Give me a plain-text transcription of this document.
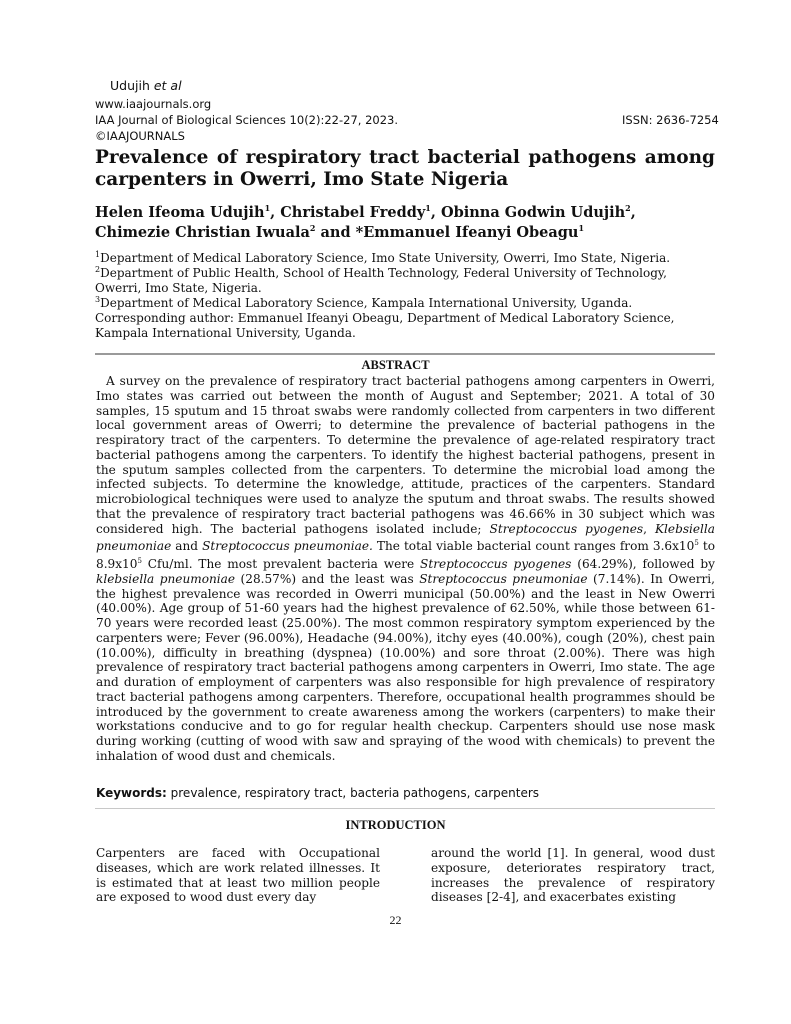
Udujih et al
www.iaajournals.org
IAA Journal of Biological Sciences 10(2):22-27, 2023.	ISSN: 2636-7254
©IAAJOURNALS
Prevalence of respiratory tract bacterial pathogens among carpenters in Owerri, Imo State Nigeria
Helen Ifeoma Udujih$^1$, Christabel Freddy$^1$, Obinna Godwin Udujih$^2$, Chimezie Christian Iwuala$^2$ and *Emmanuel Ifeanyi Obeagu$^1$
$^1$Department of Medical Laboratory Science, Imo State University, Owerri, Imo State, Nigeria.
$^2$Department of Public Health, School of Health Technology, Federal University of Technology, Owerri, Imo State, Nigeria.
$^3$Department of Medical Laboratory Science, Kampala International University, Uganda.
Corresponding author: Emmanuel Ifeanyi Obeagu, Department of Medical Laboratory Science, Kampala International University, Uganda.
ABSTRACT

A survey on the prevalence of respiratory tract bacterial pathogens among carpenters in Owerri, Imo states was carried out between the month of August and September; 2021. A total of 30 samples, 15 sputum and 15 throat swabs were randomly collected from carpenters in two different local government areas of Owerri; to determine the prevalence of bacterial pathogens in the respiratory tract of the carpenters. To determine the prevalence of age-related respiratory tract bacterial pathogens among the carpenters. To identify the highest bacterial pathogens, present in the sputum samples collected from the carpenters. To determine the microbial load among the infected subjects. To determine the knowledge, attitude, practices of the carpenters. Standard microbiological techniques were used to analyze the sputum and throat swabs. The results showed that the prevalence of respiratory tract bacterial pathogens was 46.66% in 30 subject which was considered high. The bacterial pathogens isolated include; Streptococcus pyogenes, Klebsiella pneumoniae and Streptococcus pneumoniae. The total viable bacterial count ranges from $3.6x10^5$ to $8.9x10^5$ Cfu/ml. The most prevalent bacteria were Streptococcus pyogenes (64.29%), followed by klebsiella pneumoniae (28.57%) and the least was Streptococcus pneumoniae (7.14%). In Owerri, the highest prevalence was recorded in Owerri municipal (50.00%) and the least in New Owerri (40.00%). Age group of 51-60 years had the highest prevalence of 62.50%, while those between 61-70 years were recorded least (25.00%). The most common respiratory symptom experienced by the carpenters were; Fever (96.00%), Headache (94.00%), itchy eyes (40.00%), cough (20%), chest pain (10.00%), difficulty in breathing (dyspnea) (10.00%) and sore throat (2.00%). There was high prevalence of respiratory tract bacterial pathogens among carpenters in Owerri, Imo state. The age and duration of employment of carpenters was also responsible for high prevalence of respiratory tract bacterial pathogens among carpenters. Therefore, occupational health programmes should be introduced by the government to create awareness among the workers (carpenters) to make their workstations conducive and to go for regular health checkup. Carpenters should use nose mask during working (cutting of wood with saw and spraying of the wood with chemicals) to prevent the inhalation of wood dust and chemicals.

Keywords: prevalence, respiratory tract, bacteria pathogens, carpenters
INTRODUCTION
Carpenters are faced with Occupational diseases, which are work related illnesses. It is estimated that at least two million people are exposed to wood dust every day
around the world [1]. In general, wood dust exposure, deteriorates respiratory tract, increases the prevalence of respiratory diseases [2-4], and exacerbates existing
22
